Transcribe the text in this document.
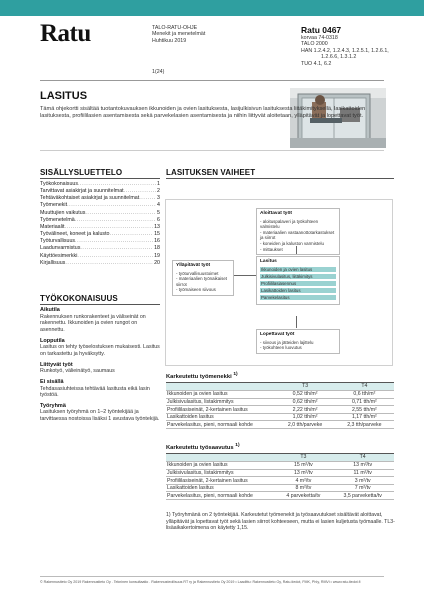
Ratu	TALO-RATU-OHJE
Menekit ja menetelmät
Huhtikuu 2019
1(24)
Ratu 0467
korvaa 74-0318
TALO 2000
HAN 1.2.4.2, 1.2.4.3, 1.2.5.1, 1.2.6.1,
1.2.6.6, 1.3.1.2
TUO 4.1, 6.2
LASITUS
Tämä ohjekortti sisältää tuotantokuvauksen ikkunoiden ja ovien lasituksesta, lasijulkisivun lasituksesta liitäkimityksellä, lasikattoiden lasituksesta, profiililasien asentamisesta sekä parvekelasien asentamisesta ja niihin liittyvät aloitetaan, ylläpitävät ja lopettavat työt.
SISÄLLYSLUETTELO
Työkokonaisuus .....	1
Tarvittavat asiakirjat ja suunnitelmat .....	2
Tehtäväkohtaiset asiakirjat ja suunnitelmat .....	3
Työmenekit .....	4
Muuttujien vaikutus .....	5
Työmenetelmä .....	6
Materiaalit .....	13
Työvälineet, koneet ja kalusto .....	15
Työturvallisuus .....	16
Laadunvarmistus .....	18
Käyttöesimerkki .....	19
Kirjallisuus .....	20
TYÖKOKONAISUUS
Aikutila
Rakennuksen runkorakenteet ja väliseinät on rakennettu. Ikkunoiden ja ovien rungot on asennettu.
Lopputila
Lasitus on tehty työselostuksen mukaisesti. Lasitus on tarkastettu ja hyväksytty.
Liittyvät työt
Runkotyö, välieinätyö, saumaus
Ei sisällä
Tehdasasiuhteissa tehtävää lasitusta eikä lasin työstöä.
Työryhmä
Lasituksen työryhmä on 1–2 työntekijää ja tarvittaessa nostoissa lisäksi 1 avustava työntekijä.
LASITUKSEN VAIHEET
Aloittavat työt
- aloituspalaveri ja työkohteen valmistelu
- materiaalien vastaanottotarkastukset ja siirrot
- koneiden ja kaluston varmistelu
- mittaukset
Ylläpitävät työt
- työturvallisuustoimet
- materiaalien työnaikaiset siirrot
- työmaiseen siivous
Lasitus
Ikkunoiden ja ovien lasitus
Julkisivulasitus, liitäkimitys
Profiililasiasennus
Lasikattoiden lasitus
Parvekelasitus
Lopettavat työt
- siivous ja jätteiden lajittelu
- työkohteen luovutus
Karkeutettu työmenekki $^{1)}$
	T3	T4
Ikkunoiden ja ovien lasitus	0,52 tth/m²	0,6 tth/m²
Julkisivulasitus, listakimmitys	0,62 tth/m²	0,71 tth/m²
Profiililasiseinät, 2-kertainen lasitus	2,22 tth/m²	2,55 tth/m²
Lasikattoiden lasitus	1,02 tth/m²	1,17 tth/m²
Parvekelasitus, pieni, normaali kohde	2,0 tth/parveke	2,3 tth/parveke
Karkeutettu työsaavutus $^{1)}$
	T3	T4
Ikkunoiden ja ovien lasitus	15 m²/tv	13 m²/tv
Julkisivulasitus, listakimmitys	13 m²/tv	11 m²/tv
Profiililasiseinät, 2-kertainen lasitus	4 m²/tv	3 m²/tv
Lasikattoiden lasitus	8 m²/tv	7 m²/tv
Parvekelasitus, pieni, normaali kohde	4 parveketta/tv	3,5 parveketta/tv
1) Työryhmänä on 2 työntekijää. Karkeutetut työmenekit ja työsaavutukset sisältävät aloittavat, ylläpitävät ja lopettavat työt sekä lasien siirrot kohteeseen, mutta ei lasien kuljetusta työmaalle. TL3-lisäaikakertoimena on käytetty 1,15.
© Rakennustieto Oy 2019 Rakennustieto Oy ∙ Tekninen konsultaatio ∙ Rakennusteollisuus RT ry ja Rakennustieto Oy 2019 • Laadittu: Rakennustieto Oy, Ratu-tiedot, FMK, PhIy, RMVi • www.ratu-tiedot.fi
